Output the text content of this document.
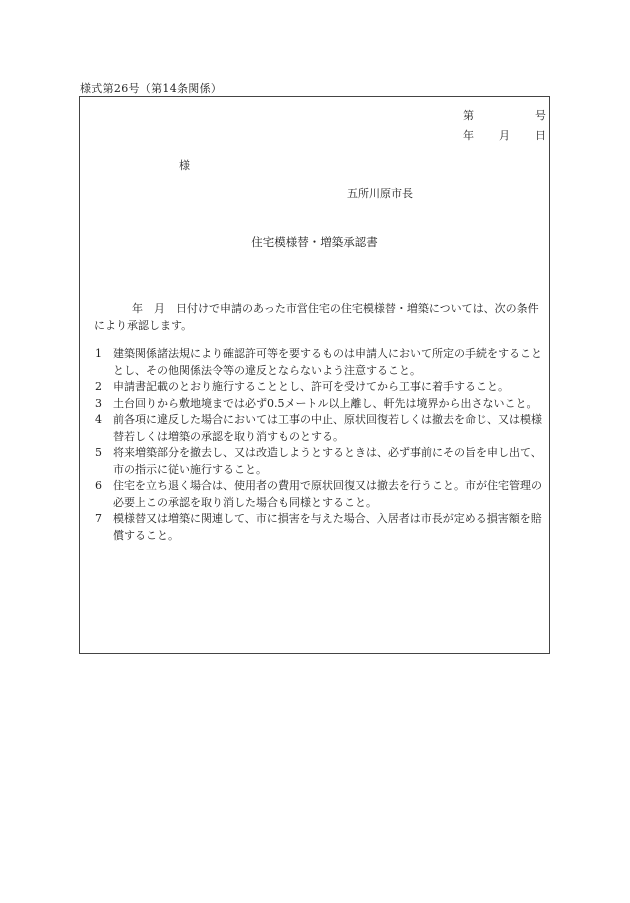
様式第26号（第14条関係）
第	号
年 月 日
様
五所川原市長
住宅模様替・増築承認書
年　月　日付けで申請のあった市営住宅の住宅模様替・増築については、次の条件により承認します。
1	建築関係諸法規により確認許可等を要するものは申請人において所定の手続をすることとし、その他関係法令等の違反とならないよう注意すること。
2	申請書記載のとおり施行することとし、許可を受けてから工事に着手すること。
3	土台回りから敷地境までは必ず0.5メートル以上離し、軒先は境界から出さないこと。
4	前各項に違反した場合においては工事の中止、原状回復若しくは撤去を命じ、又は模様替若しくは増築の承認を取り消すものとする。
5	将来増築部分を撤去し、又は改造しようとするときは、必ず事前にその旨を申し出て、市の指示に従い施行すること。
6	住宅を立ち退く場合は、使用者の費用で原状回復又は撤去を行うこと。市が住宅管理の必要上この承認を取り消した場合も同様とすること。
7	模様替又は増築に関連して、市に損害を与えた場合、入居者は市長が定める損害額を賠償すること。
